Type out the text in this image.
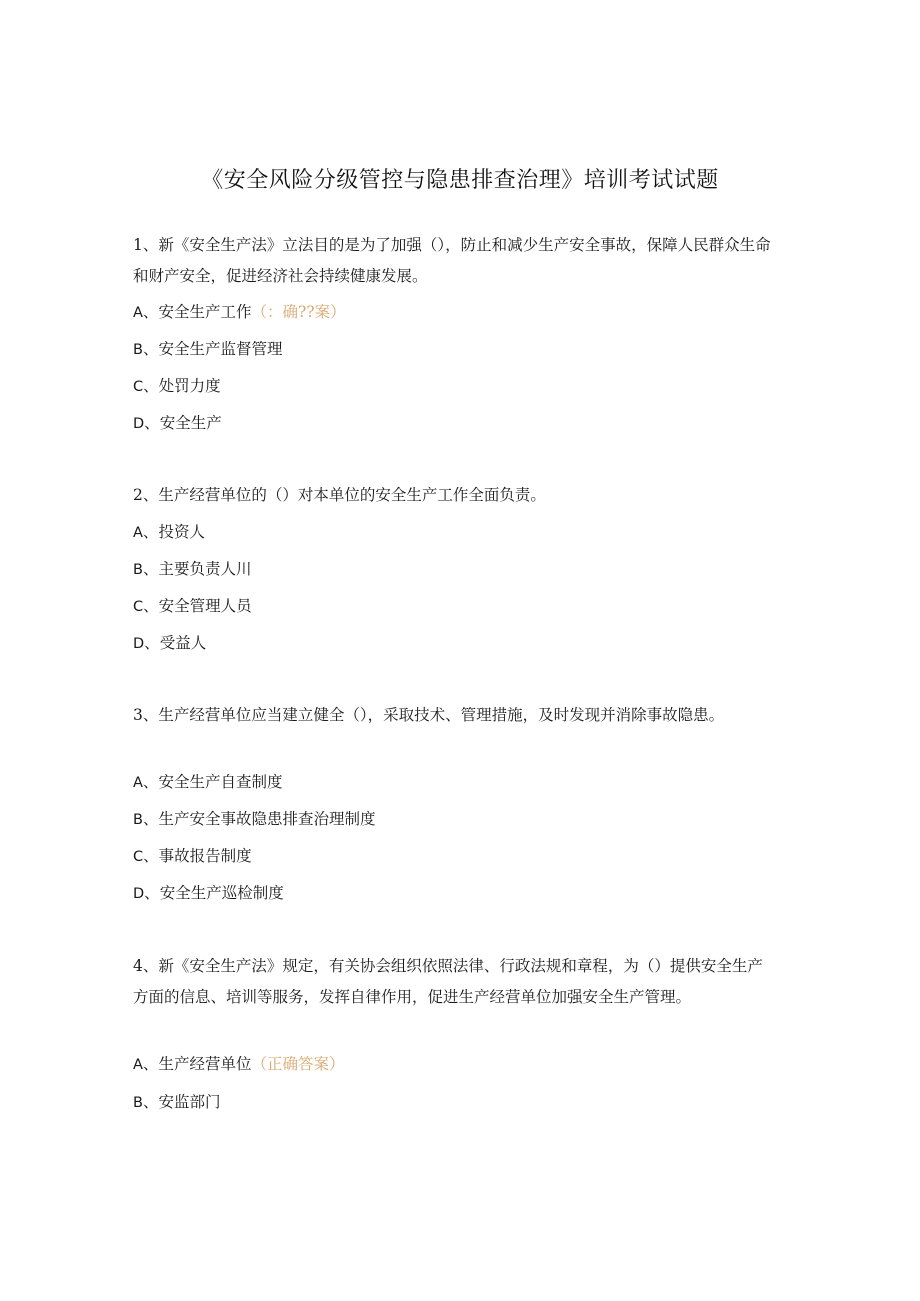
《安全风险分级管控与隐患排查治理》培训考试试题
1、新《安全生产法》立法目的是为了加强（），防止和减少生产安全事故，保障人民群众生命和财产安全，促进经济社会持续健康发展。
A、安全生产工作（：确??案）
B、安全生产监督管理
C、处罚力度
D、安全生产
2、生产经营单位的（）对本单位的安全生产工作全面负责。
A、投资人
B、主要负责人川
C、安全管理人员
D、受益人
3、生产经营单位应当建立健全（），采取技术、管理措施，及时发现并消除事故隐患。
A、安全生产自查制度
B、生产安全事故隐患排查治理制度
C、事故报告制度
D、安全生产巡检制度
4、新《安全生产法》规定，有关协会组织依照法律、行政法规和章程，为（）提供安全生产方面的信息、培训等服务，发挥自律作用，促进生产经营单位加强安全生产管理。
A、生产经营单位（正确答案）
B、安监部门
